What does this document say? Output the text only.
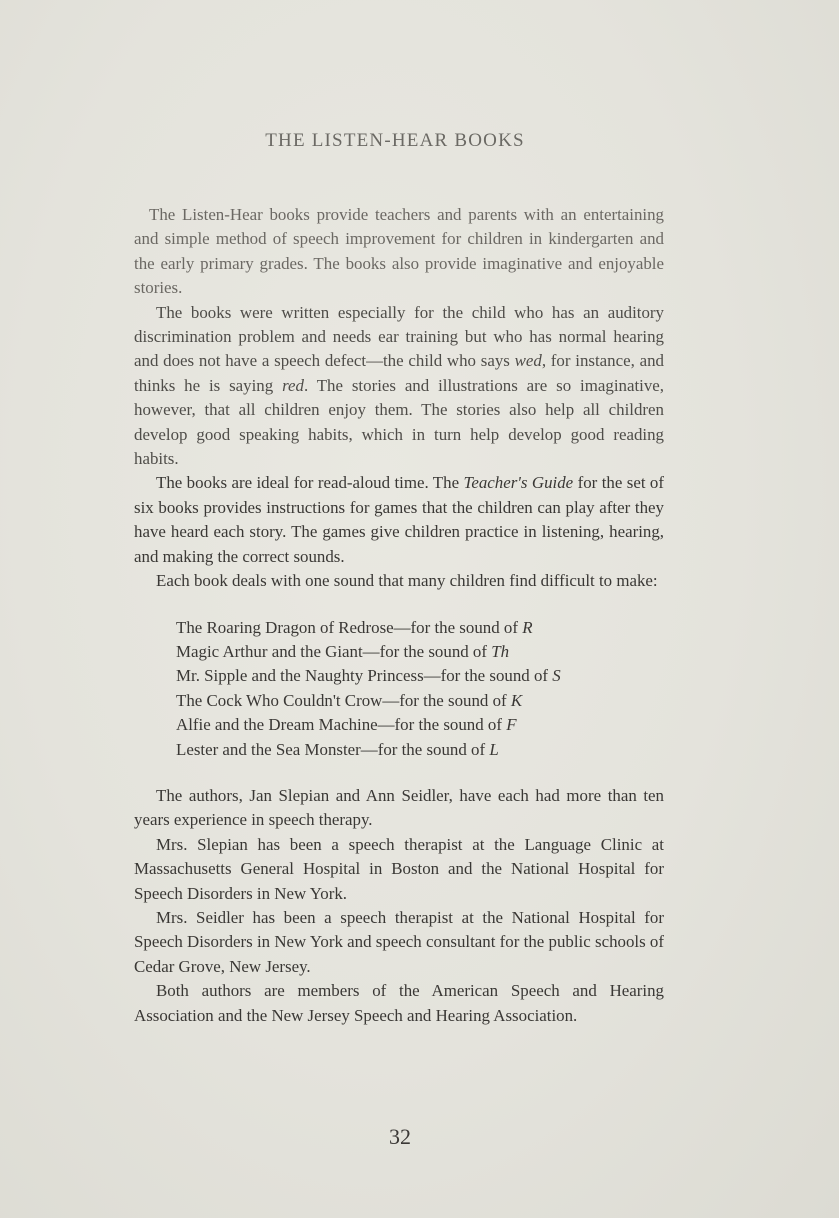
THE LISTEN-HEAR BOOKS

The Listen-Hear books provide teachers and parents with an entertaining and simple method of speech improvement for children in kindergarten and the early primary grades. The books also provide imaginative and enjoyable stories.

The books were written especially for the child who has an auditory discrimination problem and needs ear training but who has normal hearing and does not have a speech defect—the child who says wed, for instance, and thinks he is saying red. The stories and illustrations are so imaginative, however, that all children enjoy them. The stories also help all children develop good speaking habits, which in turn help develop good reading habits.

The books are ideal for read-aloud time. The Teacher's Guide for the set of six books provides instructions for games that the children can play after they have heard each story. The games give children practice in listening, hearing, and making the correct sounds.

Each book deals with one sound that many children find difficult to make:

The Roaring Dragon of Redrose—for the sound of R
Magic Arthur and the Giant—for the sound of Th
Mr. Sipple and the Naughty Princess—for the sound of S
The Cock Who Couldn't Crow—for the sound of K
Alfie and the Dream Machine—for the sound of F
Lester and the Sea Monster—for the sound of L

The authors, Jan Slepian and Ann Seidler, have each had more than ten years experience in speech therapy.

Mrs. Slepian has been a speech therapist at the Language Clinic at Massachusetts General Hospital in Boston and the National Hospital for Speech Disorders in New York.

Mrs. Seidler has been a speech therapist at the National Hospital for Speech Disorders in New York and speech consultant for the public schools of Cedar Grove, New Jersey.

Both authors are members of the American Speech and Hearing Association and the New Jersey Speech and Hearing Association.

32
